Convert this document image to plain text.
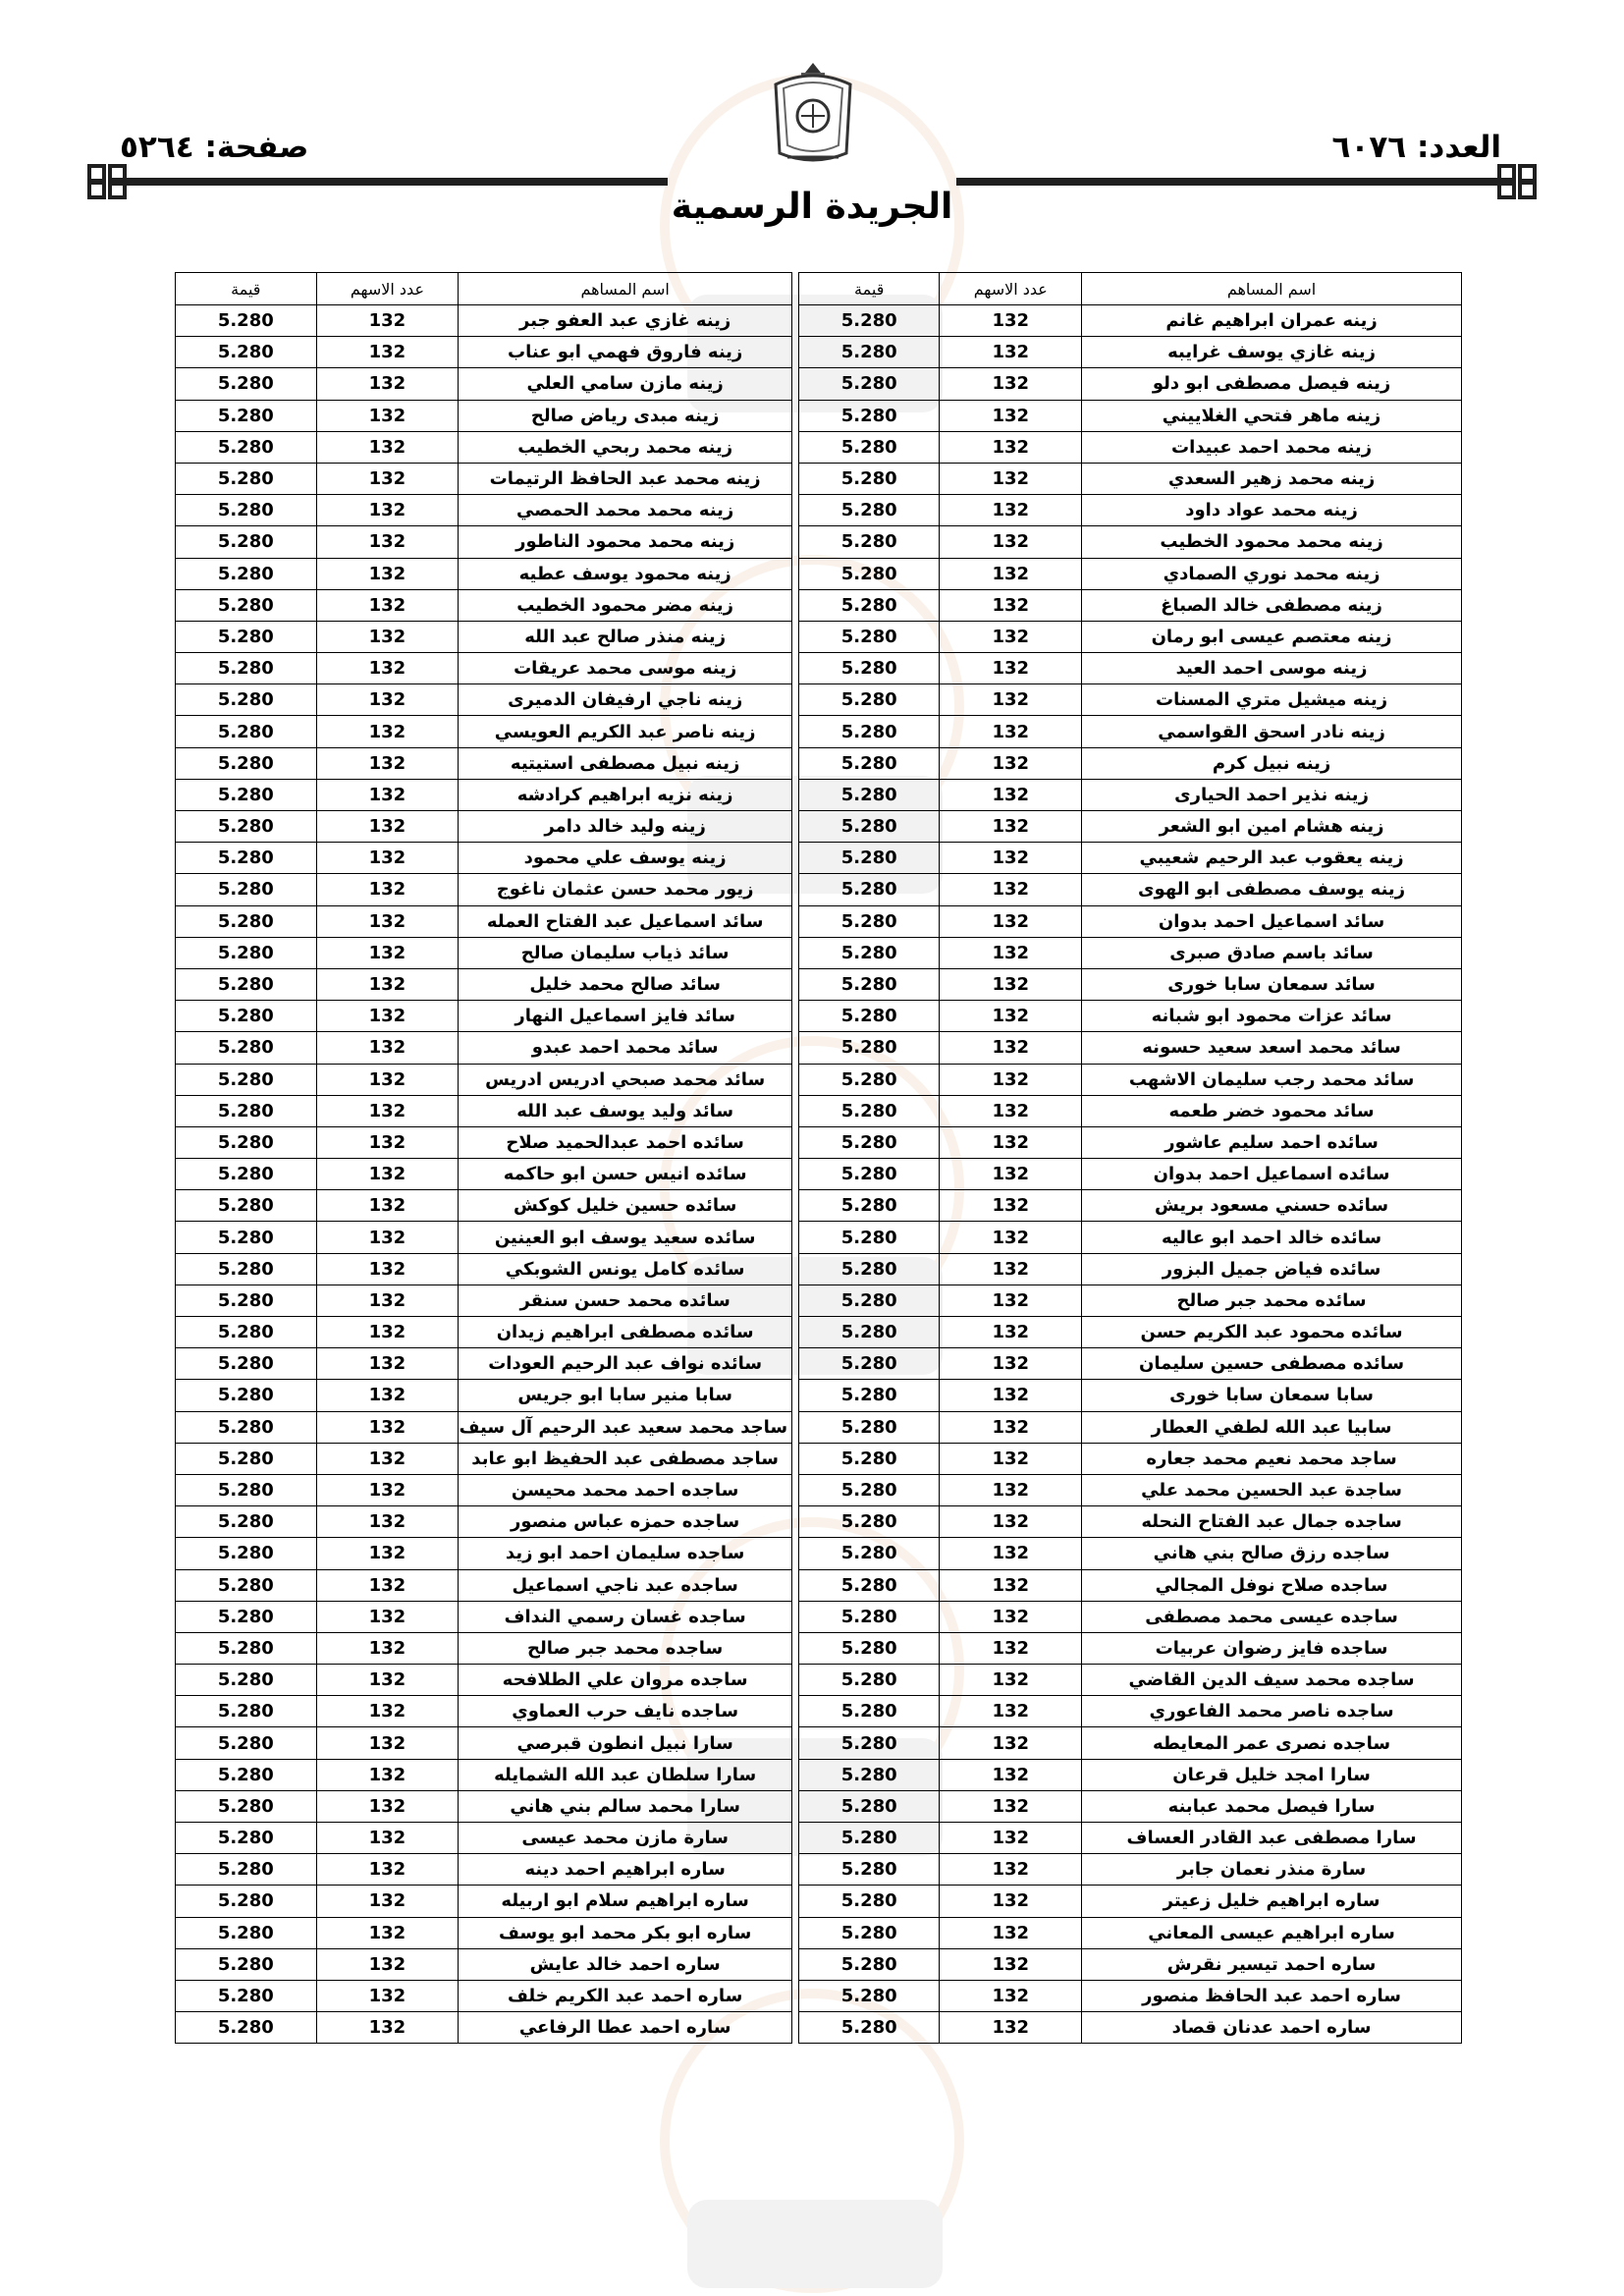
العدد: ٦٠٧٦
صفحة: ٥٢٦٤
الجريدة الرسمية
اسم المساهم	عدد الاسهم	قيمة		اسم المساهم	عدد الاسهم	قيمة
زينه عمران ابراهيم غانم	132	5.280		زينه غازي عبد العفو جبر	132	5.280
زينه غازي يوسف غرايبه	132	5.280		زينه فاروق فهمي ابو عناب	132	5.280
زينه فيصل مصطفى ابو دلو	132	5.280		زينه مازن سامي العلي	132	5.280
زينه ماهر فتحي الغلاييني	132	5.280		زينه مبدى رياض صالح	132	5.280
زينه محمد احمد عبيدات	132	5.280		زينه محمد ربحي الخطيب	132	5.280
زينه محمد زهير السعدي	132	5.280		زينه محمد عبد الحافظ الرتيمات	132	5.280
زينه محمد عواد داود	132	5.280		زينه محمد محمد الحمصي	132	5.280
زينه محمد محمود الخطيب	132	5.280		زينه محمد محمود الناطور	132	5.280
زينه محمد نوري الصمادي	132	5.280		زينه محمود يوسف عطيه	132	5.280
زينه مصطفى خالد الصباغ	132	5.280		زينه مضر محمود الخطيب	132	5.280
زينه معتصم عيسى ابو رمان	132	5.280		زينه منذر صالح عبد الله	132	5.280
زينه موسى احمد العيد	132	5.280		زينه موسى محمد عريقات	132	5.280
زينه ميشيل متري المسنات	132	5.280		زينه ناجي ارفيفان الدميرى	132	5.280
زينه نادر اسحق القواسمي	132	5.280		زينه ناصر عبد الكريم العويسي	132	5.280
زينه نبيل كرم	132	5.280		زينه نبيل مصطفى استيتيه	132	5.280
زينه نذير احمد الحيارى	132	5.280		زينه نزيه ابراهيم كرادشه	132	5.280
زينه هشام امين ابو الشعر	132	5.280		زينه وليد خالد دامر	132	5.280
زينه يعقوب عبد الرحيم شعيبي	132	5.280		زينه يوسف علي محمود	132	5.280
زينه يوسف مصطفى ابو الهوى	132	5.280		زيور محمد حسن عثمان ناغوج	132	5.280
سائد اسماعيل احمد بدوان	132	5.280		سائد اسماعيل عبد الفتاح العمله	132	5.280
سائد باسم صادق صبرى	132	5.280		سائد ذياب سليمان صالح	132	5.280
سائد سمعان سابا خورى	132	5.280		سائد صالح محمد خليل	132	5.280
سائد عزات محمود ابو شبانه	132	5.280		سائد فايز اسماعيل النهار	132	5.280
سائد محمد اسعد سعيد حسونه	132	5.280		سائد محمد احمد عبدو	132	5.280
سائد محمد رجب سليمان الاشهب	132	5.280		سائد محمد صبحي ادريس ادريس	132	5.280
سائد محمود خضر طعمه	132	5.280		سائد وليد يوسف عبد الله	132	5.280
سائده احمد سليم عاشور	132	5.280		سائده احمد عبدالحميد صلاح	132	5.280
سائده اسماعيل احمد بدوان	132	5.280		سائده انيس حسن ابو حاكمه	132	5.280
سائده حسني مسعود بريش	132	5.280		سائده حسين خليل كوكش	132	5.280
سائده خالد احمد ابو عاليه	132	5.280		سائده سعيد يوسف ابو العينين	132	5.280
سائده فياض جميل البزور	132	5.280		سائده كامل يونس الشوبكي	132	5.280
سائده محمد جبر صالح	132	5.280		سائده محمد حسن سنقر	132	5.280
سائده محمود عبد الكريم حسن	132	5.280		سائده مصطفى ابراهيم زيدان	132	5.280
سائده مصطفى حسين سليمان	132	5.280		سائده نواف عبد الرحيم العودات	132	5.280
سابا سمعان سابا خورى	132	5.280		سابا منير سابا ابو جريس	132	5.280
سابيا عبد الله لطفي العطار	132	5.280		ساجد محمد سعيد عبد الرحيم آل سيف	132	5.280
ساجد محمد نعيم محمد جعاره	132	5.280		ساجد مصطفى عبد الحفيظ ابو عابد	132	5.280
ساجدة عبد الحسين محمد علي	132	5.280		ساجده احمد محمد محيسن	132	5.280
ساجده جمال عبد الفتاح النحله	132	5.280		ساجده حمزه عباس منصور	132	5.280
ساجده رزق صالح بني هاني	132	5.280		ساجده سليمان احمد ابو زيد	132	5.280
ساجده صلاح نوفل المجالي	132	5.280		ساجده عبد ناجي اسماعيل	132	5.280
ساجده عيسى محمد مصطفى	132	5.280		ساجده غسان رسمي النداف	132	5.280
ساجده فايز رضوان عربيات	132	5.280		ساجده محمد جبر صالح	132	5.280
ساجده محمد سيف الدين القاضي	132	5.280		ساجده مروان علي الطلافحه	132	5.280
ساجده ناصر محمد الفاعوري	132	5.280		ساجده نايف حرب العماوي	132	5.280
ساجده نصرى عمر المعايطه	132	5.280		سارا نبيل انطون قبرصي	132	5.280
سارا امجد خليل قرعان	132	5.280		سارا سلطان عبد الله الشمايله	132	5.280
سارا فيصل محمد عبابنه	132	5.280		سارا محمد سالم بني هاني	132	5.280
سارا مصطفى عبد القادر العساف	132	5.280		سارة مازن محمد عيسى	132	5.280
سارة منذر نعمان جابر	132	5.280		ساره ابراهيم احمد دينه	132	5.280
ساره ابراهيم خليل زعيتر	132	5.280		ساره ابراهيم سلام ابو اربيله	132	5.280
ساره ابراهيم عيسى المعاني	132	5.280		ساره ابو بكر محمد ابو يوسف	132	5.280
ساره احمد تيسير نقرش	132	5.280		ساره احمد خالد عايش	132	5.280
ساره احمد عبد الحافظ منصور	132	5.280		ساره احمد عبد الكريم خلف	132	5.280
ساره احمد عدنان قصاد	132	5.280		ساره احمد عطا الرفاعي	132	5.280
